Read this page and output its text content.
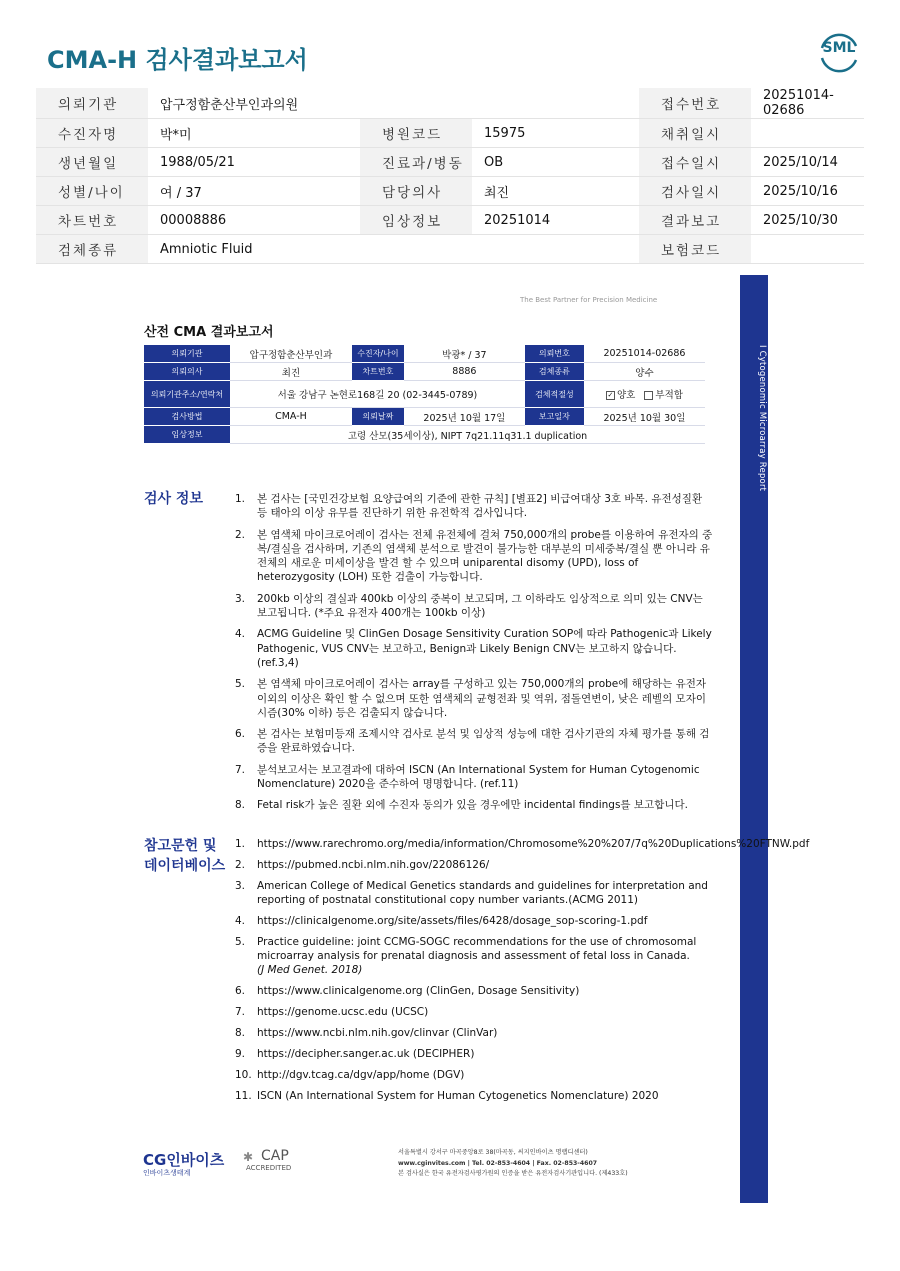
CMA-H 검사결과보고서	SML
의뢰기관	압구정함춘산부인과의원			접수번호	20251014-02686
수진자명	박*미	병원코드	15975	채취일시	
생년월일	1988/05/21	진료과/병동	OB	접수일시	2025/10/14
성별/나이	여 / 37	담당의사	최진	검사일시	2025/10/16
차트번호	00008886	임상정보	20251014	결과보고	2025/10/30
검체종류	Amniotic Fluid			보험코드	
I Cytogenomic Microarray Report
The Best Partner for Precision Medicine
산전 CMA 결과보고서
의뢰기관	압구정함춘산부인과	수진자/나이	박광* / 37	의뢰번호	20251014-02686
의뢰의사	최진	차트번호	8886	검체종류	양수
의뢰기관주소/연락처	서울 강남구 논현로168길 20 (02-3445-0789)			검체적절성	✓ 양호 부적합
검사방법	CMA-H	의뢰날짜	2025년 10월 17일	보고일자	2025년 10월 30일
임상정보	고령 산모(35세이상), NIPT 7q21.11q31.1 duplication				
검사 정보	1. 본 검사는 [국민건강보험 요양급여의 기준에 관한 규칙] [별표2] 비급여대상 3호 바목. 유전성질환 등 태아의 이상 유무를 진단하기 위한 유전학적 검사입니다.
2. 본 염색체 마이크로어레이 검사는 전체 유전체에 걸쳐 750,000개의 probe를 이용하여 유전자의 중복/결실을 검사하며, 기존의 염색체 분석으로 발견이 불가능한 대부분의 미세중복/결실 뿐 아니라 유전체의 새로운 미세이상을 발견 할 수 있으며 uniparental disomy (UPD), loss of heterozygosity (LOH) 또한 검출이 가능합니다.
3. 200kb 이상의 결실과 400kb 이상의 중복이 보고되며, 그 이하라도 임상적으로 의미 있는 CNV는 보고됩니다. (*주요 유전자 400개는 100kb 이상)
4. ACMG Guideline 및 ClinGen Dosage Sensitivity Curation SOP에 따라 Pathogenic과 Likely Pathogenic, VUS CNV는 보고하고, Benign과 Likely Benign CNV는 보고하지 않습니다. (ref.3,4)
5. 본 염색체 마이크로어레이 검사는 array를 구성하고 있는 750,000개의 probe에 해당하는 유전자 이외의 이상은 확인 할 수 없으며 또한 염색체의 균형전좌 및 역위, 점돌연변이, 낮은 레벨의 모자이시즘(30% 이하) 등은 검출되지 않습니다.
6. 본 검사는 보험미등재 조제시약 검사로 분석 및 임상적 성능에 대한 검사기관의 자체 평가를 통해 검증을 완료하였습니다.
7. 분석보고서는 보고결과에 대하여 ISCN (An International System for Human Cytogenomic Nomenclature) 2020을 준수하여 명명합니다. (ref.11)
8. Fetal risk가 높은 질환 외에 수진자 동의가 있을 경우에만 incidental findings를 보고합니다.
참고문헌 및
데이터베이스
1. https://www.rarechromo.org/media/information/Chromosome%20%207/7q%20Duplications%20FTNW.pdf
2. https://pubmed.ncbi.nlm.nih.gov/22086126/
3. American College of Medical Genetics standards and guidelines for interpretation and reporting of postnatal constitutional copy number variants.(ACMG 2011)
4. https://clinicalgenome.org/site/assets/files/6428/dosage_sop-scoring-1.pdf
5. Practice guideline: joint CCMG-SOGC recommendations for the use of chromosomal microarray analysis for prenatal diagnosis and assessment of fetal loss in Canada.
(J Med Genet. 2018)
6. https://www.clinicalgenome.org (ClinGen, Dosage Sensitivity)
7. https://genome.ucsc.edu (UCSC)
8. https://www.ncbi.nlm.nih.gov/clinvar (ClinVar)
9. https://decipher.sanger.ac.uk (DECIPHER)
10. http://dgv.tcag.ca/dgv/app/home (DGV)
11. ISCN (An International System for Human Cytogenetics Nomenclature) 2020
CG인바이츠
인바이츠생태계
✱ CAP
ACCREDITED
서울특별시 강서구 마곡중앙8로 38(마곡동, 씨지인바이츠 명랩디센터)
www.cginvites.com | Tel. 02-853-4604 | Fax. 02-853-4607
본 검사실은 한국 유전자검사평가원의 인증을 받은 유전자검사기관입니다. (제433호)
